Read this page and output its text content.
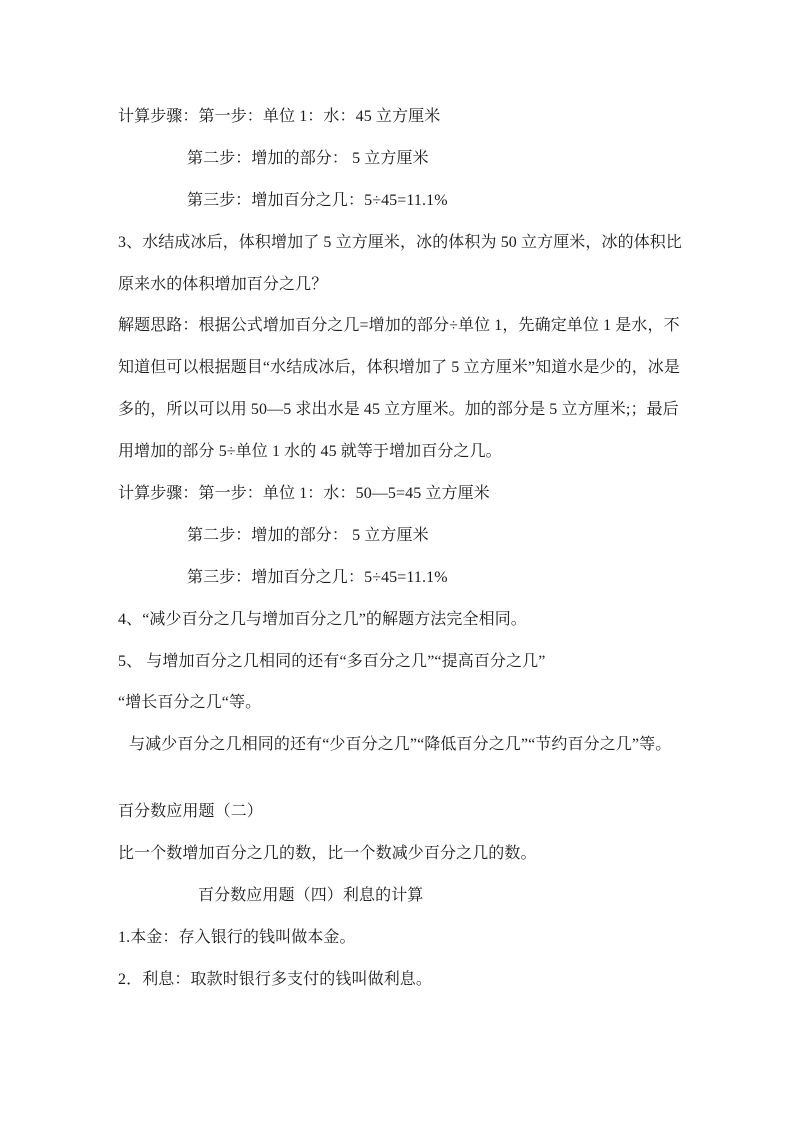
计算步骤：第一步：单位 1：水：45 立方厘米
第二步：增加的部分： 5 立方厘米
第三步：增加百分之几：5÷45=11.1%
3、水结成冰后，体积增加了 5 立方厘米，冰的体积为 50 立方厘米，冰的体积比
原来水的体积增加百分之几？
解题思路：根据公式增加百分之几=增加的部分÷单位 1，先确定单位 1 是水，不
知道但可以根据题目“水结成冰后，体积增加了 5 立方厘米”知道水是少的，冰是
多的，所以可以用 50—5 求出水是 45 立方厘米。加的部分是 5 立方厘米;；最后
用增加的部分 5÷单位 1 水的 45 就等于增加百分之几。
计算步骤：第一步：单位 1：水：50—5=45 立方厘米
第二步：增加的部分： 5 立方厘米
第三步：增加百分之几：5÷45=11.1%
4、“减少百分之几与增加百分之几”的解题方法完全相同。
5、 与增加百分之几相同的还有“多百分之几”“提高百分之几”
“增长百分之几“等。
与减少百分之几相同的还有“少百分之几”“降低百分之几”“节约百分之几”等。
百分数应用题（二）
比一个数增加百分之几的数，比一个数减少百分之几的数。
百分数应用题（四）利息的计算
1.本金：存入银行的钱叫做本金。
2．利息：取款时银行多支付的钱叫做利息。
